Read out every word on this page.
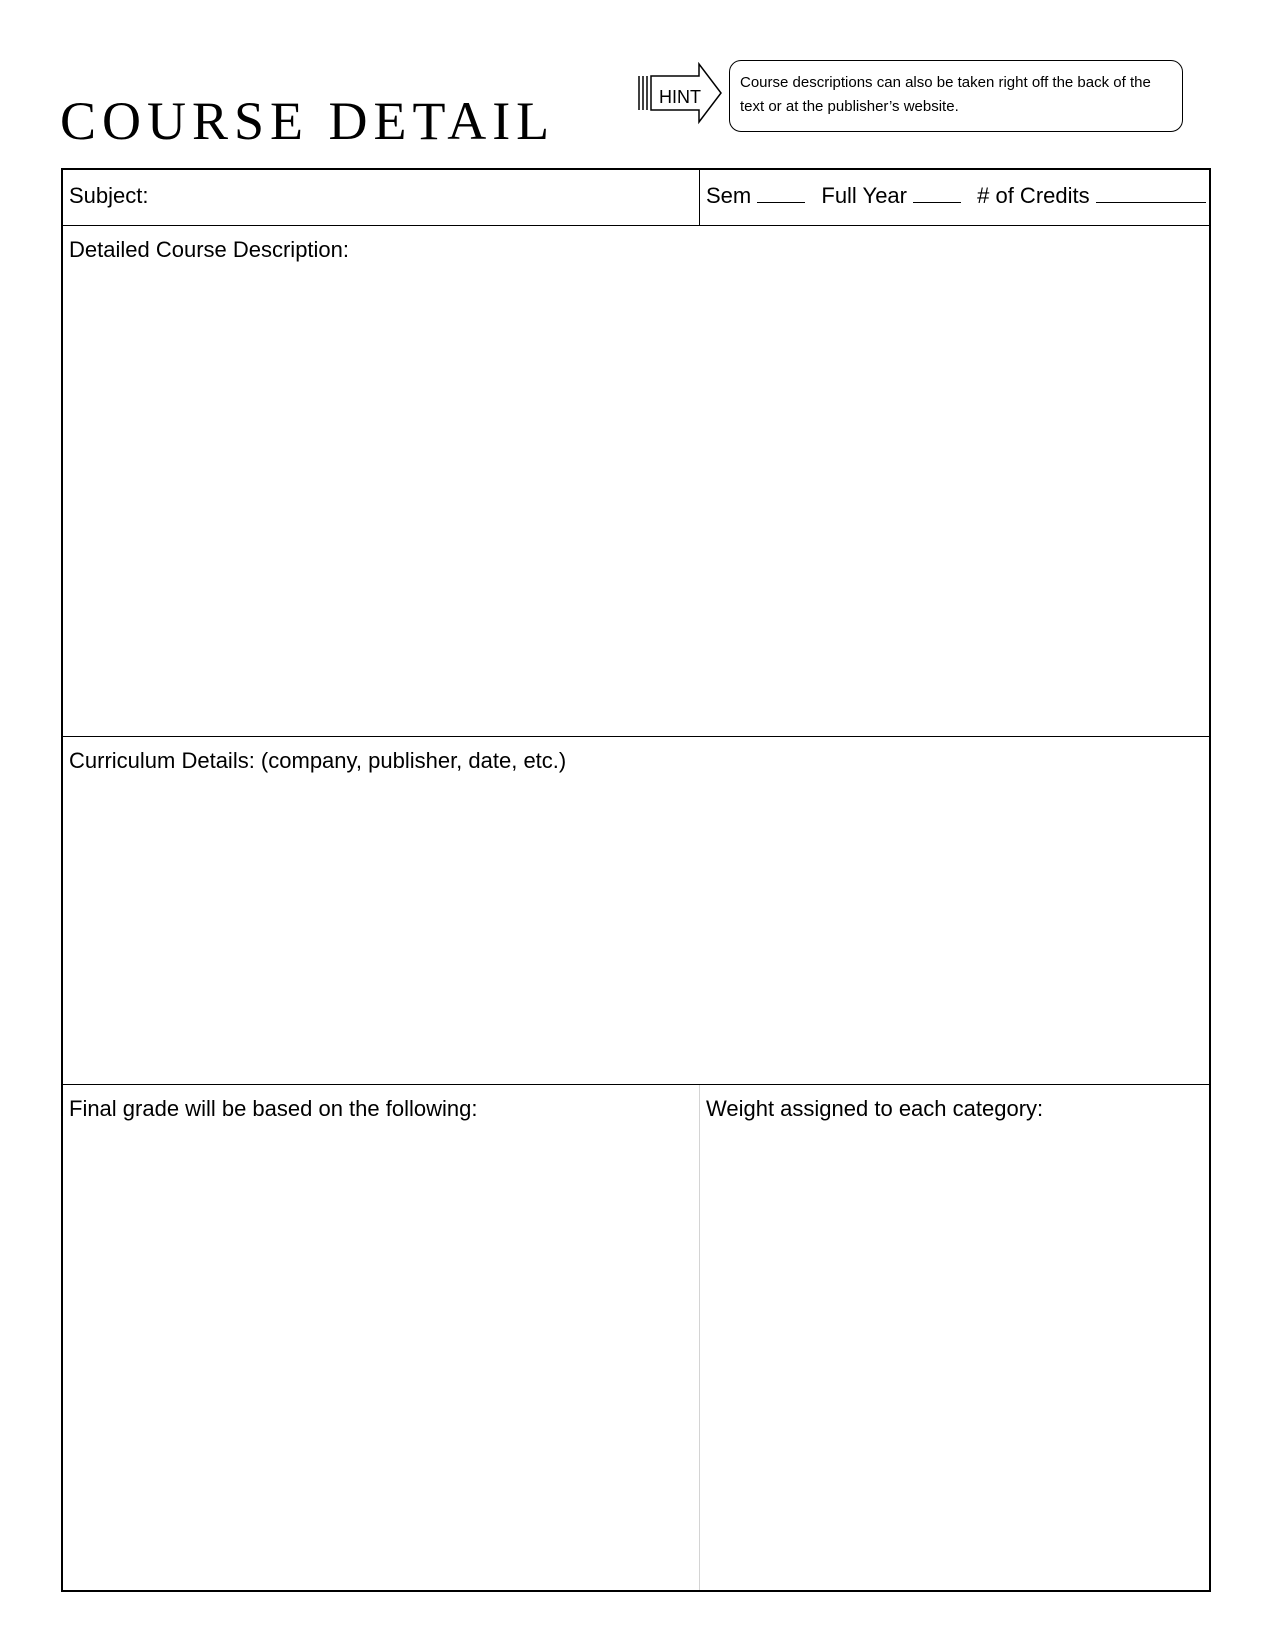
COURSE DETAIL	HINT
Course descriptions can also be taken right off the back of the
text or at the publisher’s website.
Subject:	Sem	Full Year	# of Credits
Detailed Course Description:
Curriculum Details: (company, publisher, date, etc.)
Final grade will be based on the following:	Weight assigned to each category:
